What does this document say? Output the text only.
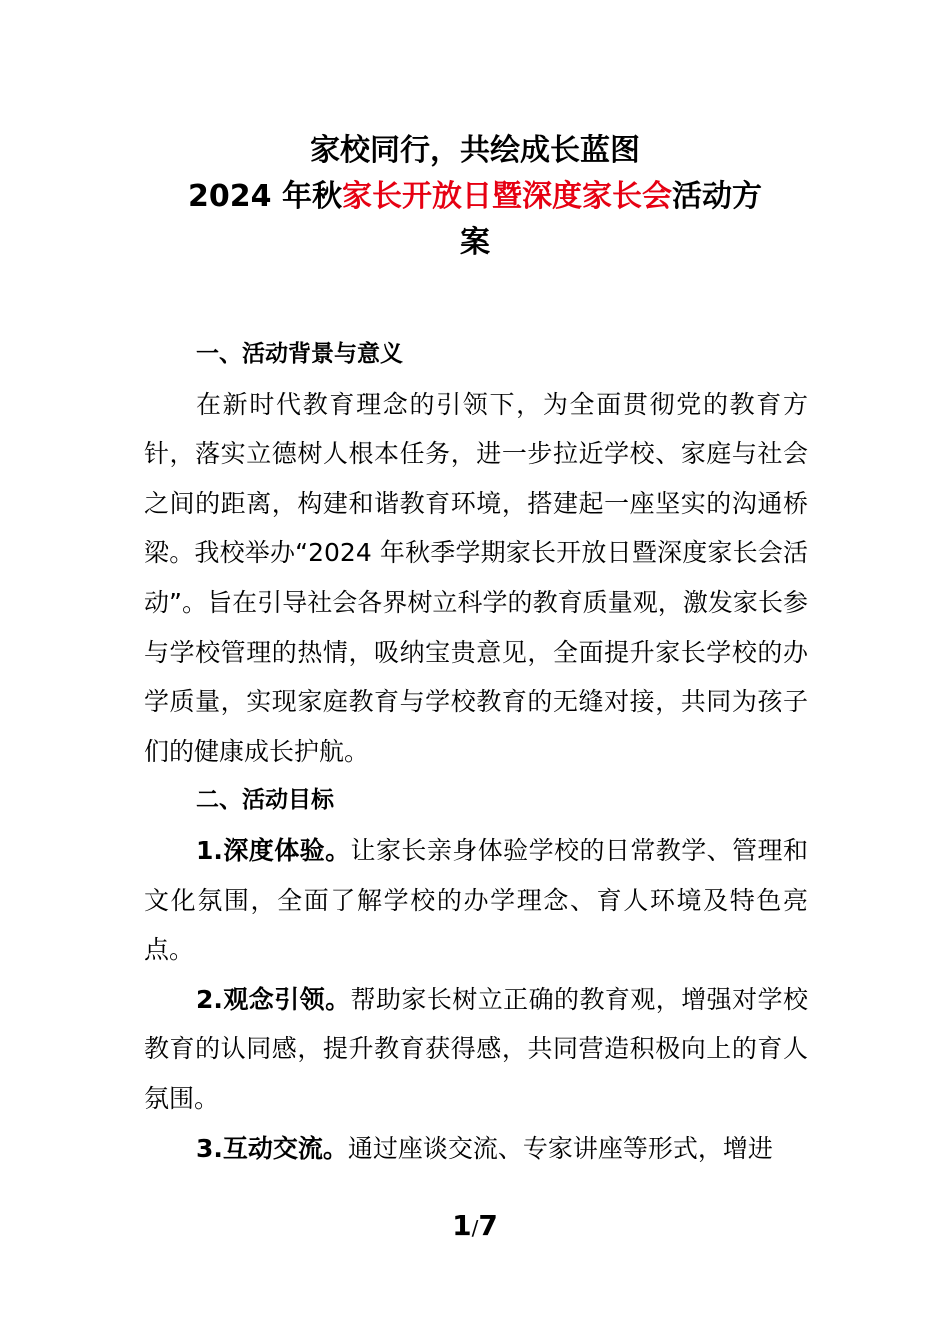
家校同行，共绘成长蓝图
2024 年秋家长开放日暨深度家长会活动方
案

一、活动背景与意义

在新时代教育理念的引领下，为全面贯彻党的教育方针，落实立德树人根本任务，进一步拉近学校、家庭与社会之间的距离，构建和谐教育环境，搭建起一座坚实的沟通桥梁。我校举办“2024 年秋季学期家长开放日暨深度家长会活动”。旨在引导社会各界树立科学的教育质量观，激发家长参与学校管理的热情，吸纳宝贵意见，全面提升家长学校的办学质量，实现家庭教育与学校教育的无缝对接，共同为孩子们的健康成长护航。

二、活动目标

1.深度体验。让家长亲身体验学校的日常教学、管理和文化氛围，全面了解学校的办学理念、育人环境及特色亮点。

2.观念引领。帮助家长树立正确的教育观，增强对学校教育的认同感，提升教育获得感，共同营造积极向上的育人氛围。

3.互动交流。通过座谈交流、专家讲座等形式，增进

1/7
